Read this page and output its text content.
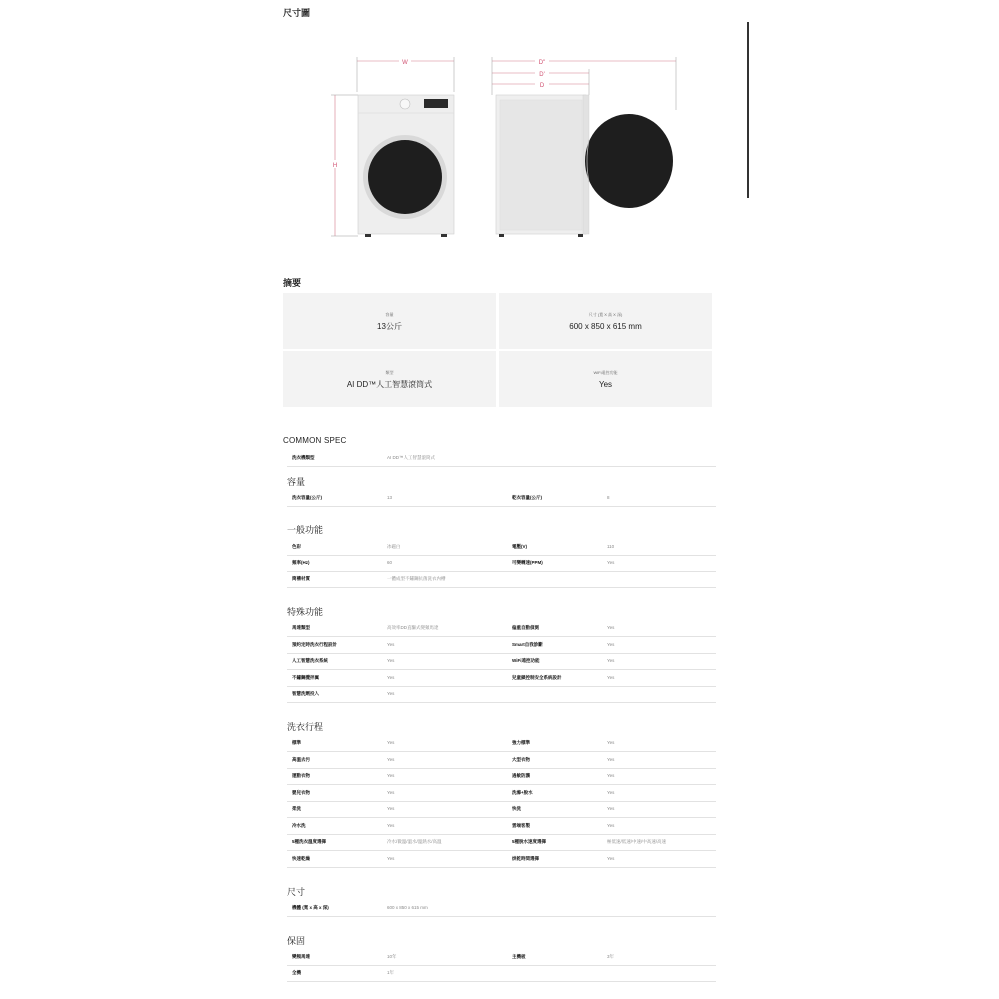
尺寸圖
W
H
D''
D'
D
摘要
容量
13公斤
尺寸 (寬 X 高 X 深)
600 x 850 x 615 mm
類型
AI DD™人工智慧滾筒式
WiFi遠控功能
Yes
COMMON SPEC
洗衣機類型	AI DD™人工智慧滾筒式
容量
洗衣容量(公斤)	13	乾衣容量(公斤)	8
一般功能
色彩	冰磁白	電壓(V)	110
頻率(Hz)	60	可變轉速(PPM)	Yes
筒槽材質	一體成型不鏽鋼抗菌洗衣內槽
特殊功能
馬達類型	高效率DD直驅式變頻馬達	偏重自動偵測	Yes
預約定時洗衣行程設計	Yes	Smart自我診斷	Yes
人工智慧洗衣系統	Yes	WiFi遠控功能	Yes
不鏽鋼攪拌翼	Yes	兒童鎖控制安全系統設計	Yes
智慧洗劑投入	Yes
洗衣行程
標準	Yes	強力標準	Yes
高溫去污	Yes	大型衣物	Yes
運動衣物	Yes	過敏防護	Yes
嬰兒衣物	Yes	洗滌+脫水	Yes
柔洗	Yes	快洗	Yes
冷水洗	Yes	雲端客製	Yes
5種洗衣溫度選擇	冷水/微溫/溫水/溫熱水/高溫	5種脫水速度選擇	極低速/低速/中速/中高速/高速
快速乾燥	Yes	烘乾時間選擇	Yes
尺寸
機體 (寬 x 高 x 深)	600 x 850 x 615 mm
保固
變頻馬達	10年	主機板	3年
全機	1年
